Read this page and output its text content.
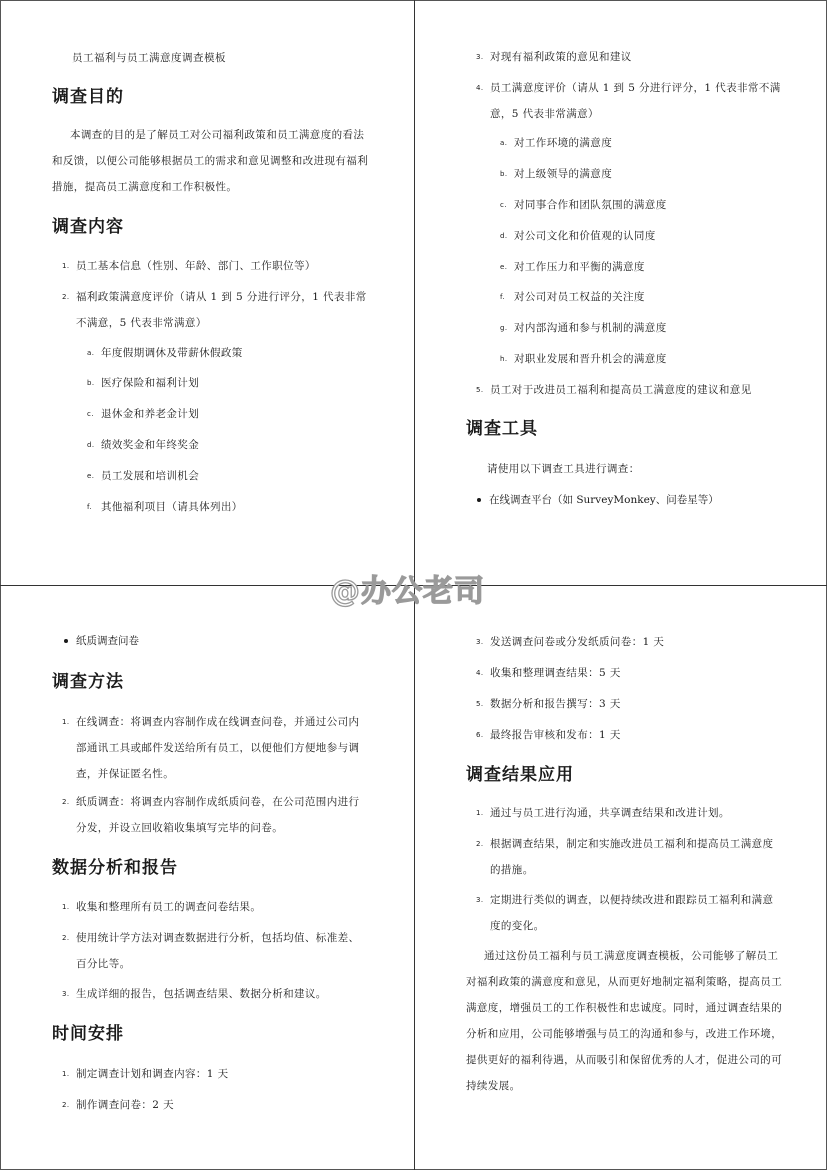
员工福利与员工满意度调查模板
调查目的
本调查的目的是了解员工对公司福利政策和员工满意度的看法
和反馈，以便公司能够根据员工的需求和意见调整和改进现有福利
措施，提高员工满意度和工作积极性。
调查内容
1. 员工基本信息（性别、年龄、部门、工作职位等）
2. 福利政策满意度评价（请从 1 到 5 分进行评分，1 代表非常
不满意，5 代表非常满意）
a. 年度假期调休及带薪休假政策
b. 医疗保险和福利计划
c. 退休金和养老金计划
d. 绩效奖金和年终奖金
e. 员工发展和培训机会
f. 其他福利项目（请具体列出）
3. 对现有福利政策的意见和建议
4. 员工满意度评价（请从 1 到 5 分进行评分，1 代表非常不满
意，5 代表非常满意）
a. 对工作环境的满意度
b. 对上级领导的满意度
c. 对同事合作和团队氛围的满意度
d. 对公司文化和价值观的认同度
e. 对工作压力和平衡的满意度
f. 对公司对员工权益的关注度
g. 对内部沟通和参与机制的满意度
h. 对职业发展和晋升机会的满意度
5. 员工对于改进员工福利和提高员工满意度的建议和意见
调查工具
请使用以下调查工具进行调查：
在线调查平台（如 SurveyMonkey、问卷星等）
纸质调查问卷
调查方法
1. 在线调查：将调查内容制作成在线调查问卷，并通过公司内
部通讯工具或邮件发送给所有员工，以便他们方便地参与调
查，并保证匿名性。
2. 纸质调查：将调查内容制作成纸质问卷，在公司范围内进行
分发，并设立回收箱收集填写完毕的问卷。
数据分析和报告
1. 收集和整理所有员工的调查问卷结果。
2. 使用统计学方法对调查数据进行分析，包括均值、标准差、
百分比等。
3. 生成详细的报告，包括调查结果、数据分析和建议。
时间安排
1. 制定调查计划和调查内容：1 天
2. 制作调查问卷：2 天
3. 发送调查问卷或分发纸质问卷：1 天
4. 收集和整理调查结果：5 天
5. 数据分析和报告撰写：3 天
6. 最终报告审核和发布：1 天
调查结果应用
1. 通过与员工进行沟通，共享调查结果和改进计划。
2. 根据调查结果，制定和实施改进员工福利和提高员工满意度
的措施。
3. 定期进行类似的调查，以便持续改进和跟踪员工福利和满意
度的变化。
通过这份员工福利与员工满意度调查模板，公司能够了解员工
对福利政策的满意度和意见，从而更好地制定福利策略，提高员工
满意度，增强员工的工作积极性和忠诚度。同时，通过调查结果的
分析和应用，公司能够增强与员工的沟通和参与，改进工作环境，
提供更好的福利待遇，从而吸引和保留优秀的人才，促进公司的可
持续发展。
@办公老司
